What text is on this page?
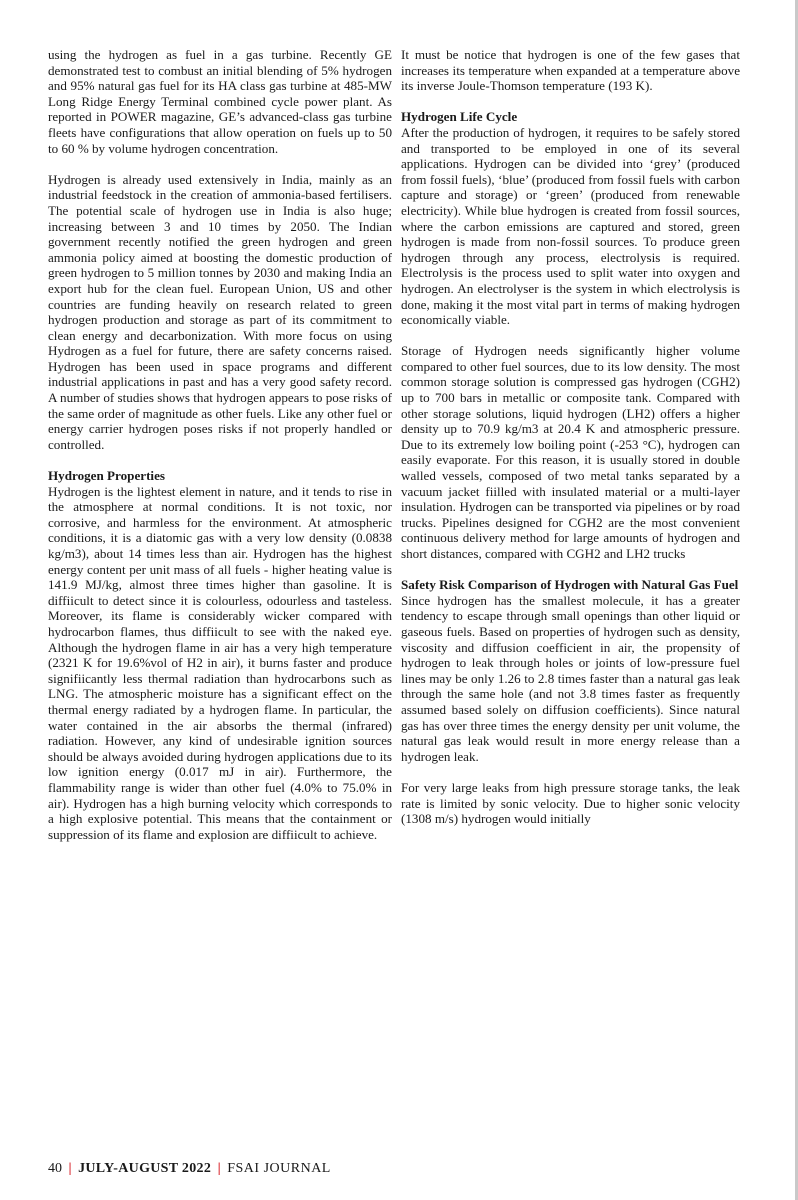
using the hydrogen as fuel in a gas turbine. Recently GE demonstrated test to combust an initial blending of 5% hydrogen and 95% natural gas fuel for its HA class gas turbine at 485-MW Long Ridge Energy Terminal combined cycle power plant. As reported in POWER magazine, GE’s advanced-class gas turbine fleets have configurations that allow operation on fuels up to 50 to 60 % by volume hydrogen concentration.

Hydrogen is already used extensively in India, mainly as an industrial feedstock in the creation of ammonia-based fertilisers. The potential scale of hydrogen use in India is also huge; increasing between 3 and 10 times by 2050. The Indian government recently notified the green hydrogen and green ammonia policy aimed at boosting the domestic production of green hydrogen to 5 million tonnes by 2030 and making India an export hub for the clean fuel. European Union, US and other countries are funding heavily on research related to green hydrogen production and storage as part of its commitment to clean energy and decarbonization. With more focus on using Hydrogen as a fuel for future, there are safety concerns raised. Hydrogen has been used in space programs and different industrial applications in past and has a very good safety record. A number of studies shows that hydrogen appears to pose risks of the same order of magnitude as other fuels. Like any other fuel or energy carrier hydrogen poses risks if not properly handled or controlled.

Hydrogen Properties

Hydrogen is the lightest element in nature, and it tends to rise in the atmosphere at normal conditions. It is not toxic, nor corrosive, and harmless for the environment. At atmospheric conditions, it is a diatomic gas with a very low density (0.0838 kg/m3), about 14 times less than air. Hydrogen has the highest energy content per unit mass of all fuels - higher heating value is 141.9 MJ/kg, almost three times higher than gasoline. It is diffiicult to detect since it is colourless, odourless and tasteless. Moreover, its flame is considerably wicker compared with hydrocarbon flames, thus diffiicult to see with the naked eye. Although the hydrogen flame in air has a very high temperature (2321 K for 19.6%vol of H2 in air), it burns faster and produce signifiicantly less thermal radiation than hydrocarbons such as LNG. The atmospheric moisture has a significant effect on the thermal energy radiated by a hydrogen flame. In particular, the water contained in the air absorbs the thermal (infrared) radiation. However, any kind of undesirable ignition sources should be always avoided during hydrogen applications due to its low ignition energy (0.017 mJ in air). Furthermore, the flammability range is wider than other fuel (4.0% to 75.0% in air). Hydrogen has a high burning velocity which corresponds to a high explosive potential. This means that the containment or suppression of its flame and explosion are diffiicult to achieve.

It must be notice that hydrogen is one of the few gases that increases its temperature when expanded at a temperature above its inverse Joule-Thomson temperature (193 K).

Hydrogen Life Cycle

After the production of hydrogen, it requires to be safely stored and transported to be employed in one of its several applications. Hydrogen can be divided into ‘grey’ (produced from fossil fuels), ‘blue’ (produced from fossil fuels with carbon capture and storage) or ‘green’ (produced from renewable electricity). While blue hydrogen is created from fossil sources, where the carbon emissions are captured and stored, green hydrogen is made from non-fossil sources. To produce green hydrogen through any process, electrolysis is required. Electrolysis is the process used to split water into oxygen and hydrogen. An electrolyser is the system in which electrolysis is done, making it the most vital part in terms of making hydrogen economically viable.

Storage of Hydrogen needs significantly higher volume compared to other fuel sources, due to its low density. The most common storage solution is compressed gas hydrogen (CGH2) up to 700 bars in metallic or composite tank. Compared with other storage solutions, liquid hydrogen (LH2) offers a higher density up to 70.9 kg/m3 at 20.4 K and atmospheric pressure. Due to its extremely low boiling point (-253 °C), hydrogen can easily evaporate. For this reason, it is usually stored in double walled vessels, composed of two metal tanks separated by a vacuum jacket fiilled with insulated material or a multi-layer insulation. Hydrogen can be transported via pipelines or by road trucks. Pipelines designed for CGH2 are the most convenient continuous delivery method for large amounts of hydrogen and short distances, compared with CGH2 and LH2 trucks

Safety Risk Comparison of Hydrogen with Natural Gas Fuel

Since hydrogen has the smallest molecule, it has a greater tendency to escape through small openings than other liquid or gaseous fuels. Based on properties of hydrogen such as density, viscosity and diffusion coefficient in air, the propensity of hydrogen to leak through holes or joints of low-pressure fuel lines may be only 1.26 to 2.8 times faster than a natural gas leak through the same hole (and not 3.8 times faster as frequently assumed based solely on diffusion coefficients). Since natural gas has over three times the energy density per unit volume, the natural gas leak would result in more energy release than a hydrogen leak.

For very large leaks from high pressure storage tanks, the leak rate is limited by sonic velocity. Due to higher sonic velocity (1308 m/s) hydrogen would initially

40 | JULY-AUGUST 2022 | FSAI JOURNAL
